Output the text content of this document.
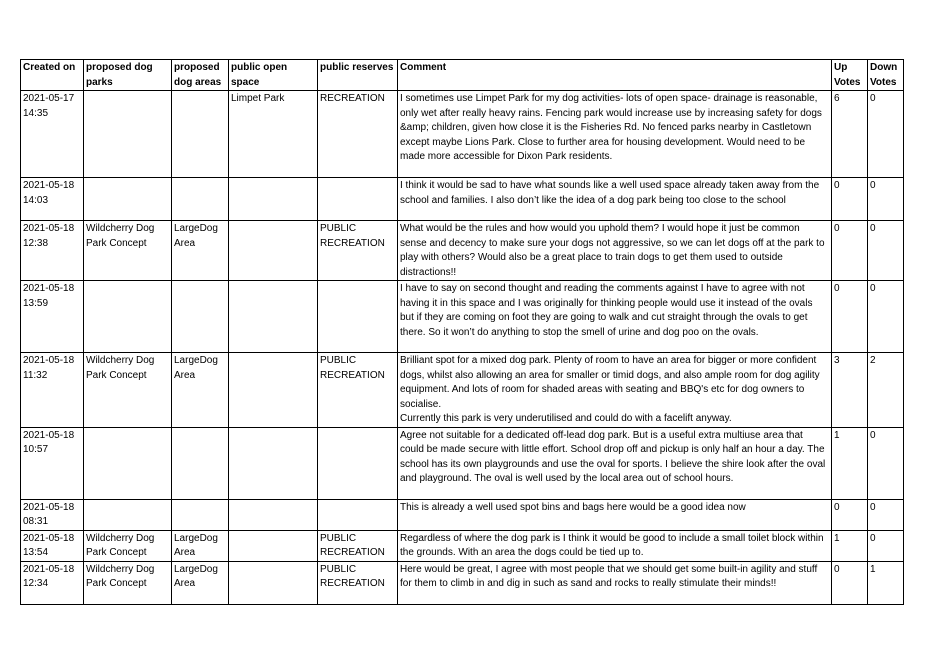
Created on	proposed dog parks	proposed dog areas	public open space	public reserves	Comment	Up Votes	Down Votes
2021-05-17 14:35			Limpet Park	RECREATION	I sometimes use Limpet Park for my dog activities- lots of open space- drainage is reasonable, only wet after really heavy rains. Fencing park would increase use by increasing safety for dogs &amp; children, given how close it is the Fisheries Rd. No fenced parks nearby in Castletown except maybe Lions Park. Close to further area for housing development. Would need to be made more accessible for Dixon Park residents.	6	0
2021-05-18 14:03					I think it would be sad to have what sounds like a well used space already taken away from the school and families. I also don’t like the idea of a dog park being too close to the school	0	0
2021-05-18 12:38	Wildcherry Dog Park Concept	LargeDog Area		PUBLIC RECREATION	What would be the rules and how would you uphold them? I would hope it just be common sense and decency to make sure your dogs not aggressive, so we can let dogs off at the park to play with others? Would also be a great place to train dogs to get them used to outside distractions!!	0	0
2021-05-18 13:59					I have to say on second thought and reading the comments against I have to agree with not having it in this space and I was originally for thinking people would use it instead of the ovals but if they are coming on foot they are going to walk and cut straight through the ovals to get there. So it won’t do anything to stop the smell of urine and dog poo on the ovals.	0	0
2021-05-18 11:32	Wildcherry Dog Park Concept	LargeDog Area		PUBLIC RECREATION	Brilliant spot for a mixed dog park. Plenty of room to have an area for bigger or more confident dogs, whilst also allowing an area for smaller or timid dogs, and also ample room for dog agility equipment. And lots of room for shaded areas with seating and BBQ's etc for dog owners to socialise.
Currently this park is very underutilised and could do with a facelift anyway.	3	2
2021-05-18 10:57					Agree not suitable for a dedicated off-lead dog park. But is a useful extra multiuse area that could be made secure with little effort. School drop off and pickup is only half an hour a day. The school has its own playgrounds and use the oval for sports. I believe the shire look after the oval and playground. The oval is well used by the local area out of school hours.	1	0
2021-05-18 08:31					This is already a well used spot bins and bags here would be a good idea now	0	0
2021-05-18 13:54	Wildcherry Dog Park Concept	LargeDog Area		PUBLIC RECREATION	Regardless of where the dog park is I think it would be good to include a small toilet block within the grounds. With an area the dogs could be tied up to.	1	0
2021-05-18 12:34	Wildcherry Dog Park Concept	LargeDog Area		PUBLIC RECREATION	Here would be great, I agree with most people that we should get some built-in agility and stuff for them to climb in and dig in such as sand and rocks to really stimulate their minds!!	0	1
